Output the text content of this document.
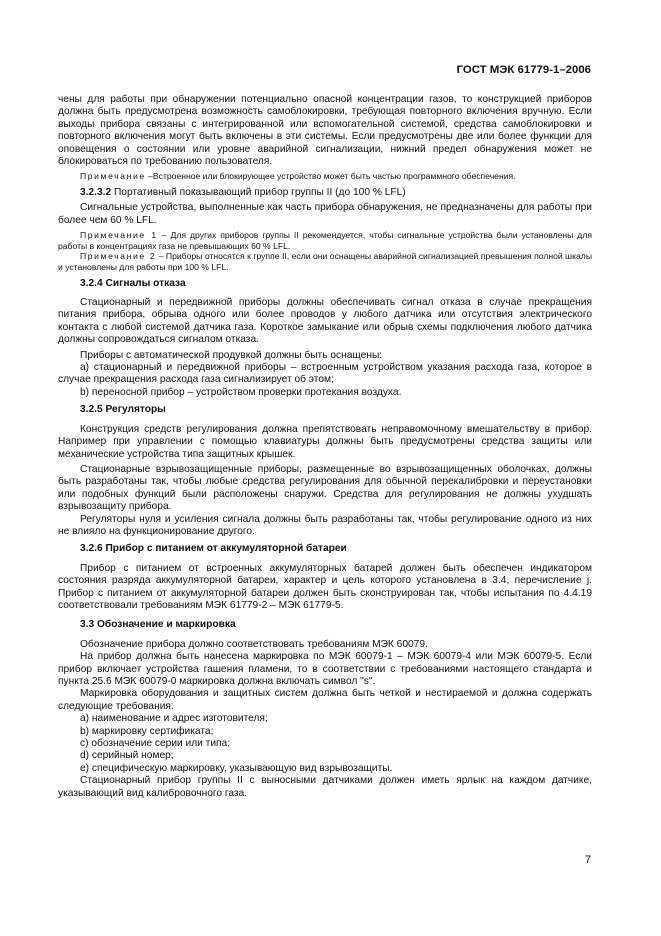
ГОСТ МЭК 61779-1–2006

чены для работы при обнаружении потенциально опасной концентрации газов, то конструкцией приборов должна быть предусмотрена возможность самоблокировки, требующая повторного включения вручную. Если выходы прибора связаны с интегрированной или вспомогательной системой, средства самоблокировки и повторного включения могут быть включены в эти системы. Если предусмотрены две или более функции для оповещения о состоянии или уровне аварийной сигнализации, нижний предел обнаружения может не блокироваться по требованию пользователя.

Примечание –Встроенное или блокирующее устройство может быть частью программного обеспечения.

3.2.3.2 Портативный показывающий прибор группы II (до 100 % LFL)

Сигнальные устройства, выполненные как часть прибора обнаружения, не предназначены для работы при более чем 60 % LFL.

Примечание 1 – Для других приборов группы II рекомендуется, чтобы сигнальные устройства были установлены для работы в концентрациях газа не превышающих 60 % LFL.

Примечание 2 – Приборы относятся к группе II, если они оснащены аварийной сигнализацией превышения полной шкалы и установлены для работы при 100 % LFL.

3.2.4 Сигналы отказа

Стационарный и передвижной приборы должны обеспечивать сигнал отказа в случае прекращения питания прибора, обрыва одного или более проводов у любого датчика или отсутствия электрического контакта с любой системой датчика газа. Короткое замыкание или обрыв схемы подключения любого датчика должны сопровождаться сигналом отказа.

Приборы с автоматической продувкой должны быть оснащены:

а) стационарный и передвижной приборы – встроенным устройством указания расхода газа, которое в случае прекращения расхода газа сигнализирует об этом;

b) переносной прибор – устройством проверки протекания воздуха.

3.2.5 Регуляторы

Конструкция средств регулирования должна препятствовать неправомочному вмешательству в прибор. Например при управлении с помощью клавиатуры должны быть предусмотрены средства защиты или механические устройства типа защитных крышек.

Стационарные взрывозащищенные приборы, размещенные во взрывозащищенных оболочках, должны быть разработаны так, чтобы любые средства регулирования для обычной перекалибровки и переустановки или подобных функций были расположены снаружи. Средства для регулирования не должны ухудшать взрывозащиту прибора.

Регуляторы нуля и усиления сигнала должны быть разработаны так, чтобы регулирование одного из них не влияло на функционирование другого.

3.2.6 Прибор с питанием от аккумуляторной батареи

Прибор с питанием от встроенных аккумуляторных батарей должен быть обеспечен индикатором состояния разряда аккумуляторной батареи, характер и цель которого установлена в 3.4, перечисление j. Прибор с питанием от аккумуляторной батареи должен быть сконструирован так, чтобы испытания по 4.4.19 соответствовали требованиям МЭК 61779-2 – МЭК 61779-5.

3.3 Обозначение и маркировка

Обозначение прибора должно соответствовать требованиям МЭК 60079.

На прибор должна быть нанесена маркировка по МЭК 60079-1 – МЭК 60079-4 или МЭК 60079-5. Если прибор включает устройства гашения пламени, то в соответствии с требованиями настоящего стандарта и пункта 25.6 МЭК 60079-0 маркировка должна включать символ "s".

Маркировка оборудования и защитных систем должна быть четкой и нестираемой и должна содержать следующие требования:

а) наименование и адрес изготовителя;

b) маркировку сертификата;

c) обозначение серии или типа;

d) серийный номер;

e) специфическую маркировку, указывающую вид взрывозащиты.

Стационарный прибор группы II с выносными датчиками должен иметь ярлык на каждом датчике, указывающий вид калибровочного газа.

7
